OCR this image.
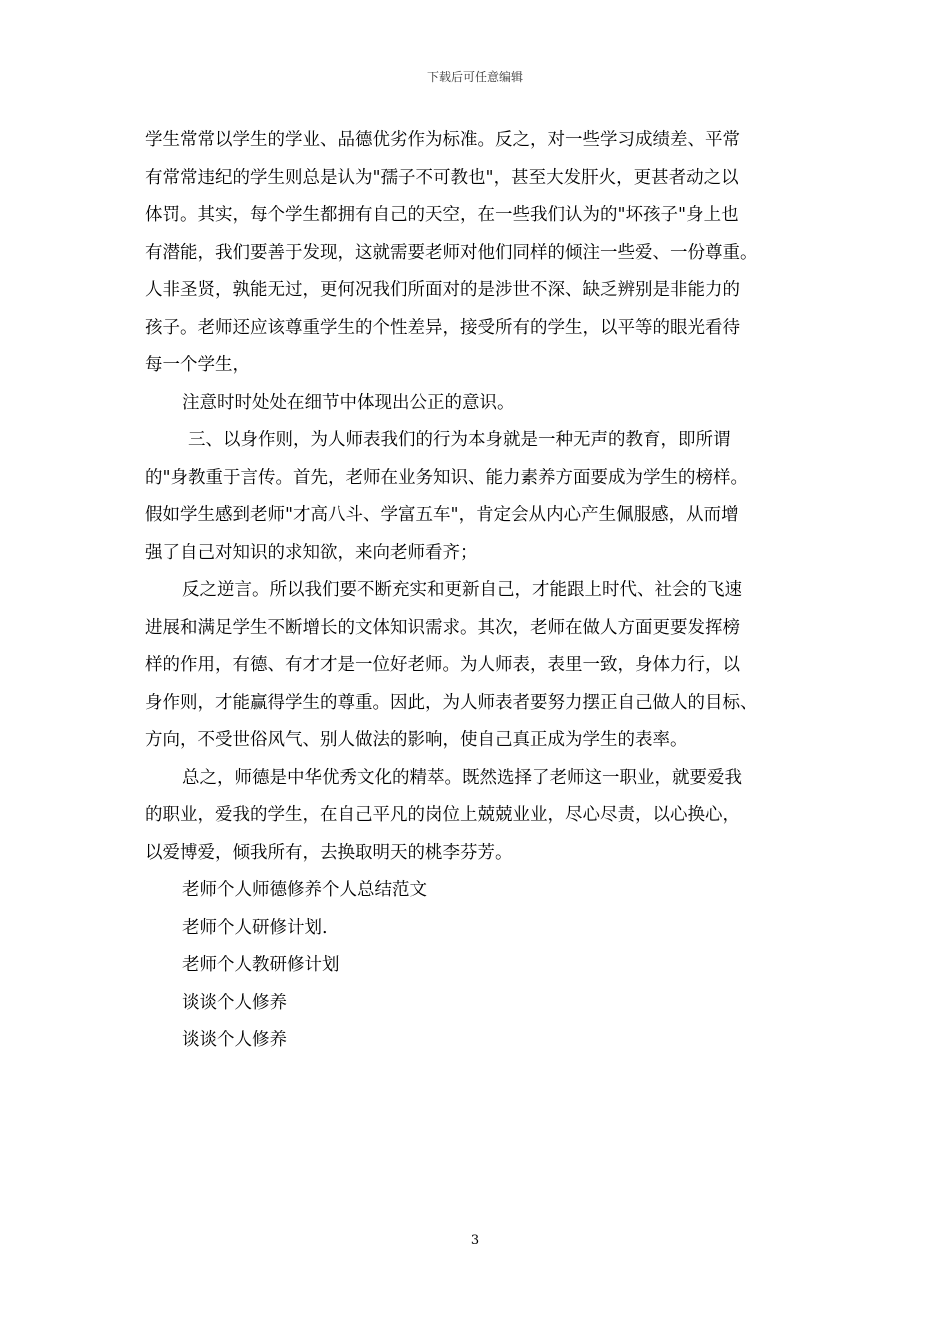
下载后可任意编辑
学生常常以学生的学业、品德优劣作为标准。反之，对一些学习成绩差、平常
有常常违纪的学生则总是认为"孺子不可教也"，甚至大发肝火，更甚者动之以
体罚。其实，每个学生都拥有自己的天空，在一些我们认为的"坏孩子"身上也
有潜能，我们要善于发现，这就需要老师对他们同样的倾注一些爱、一份尊重。
人非圣贤，孰能无过，更何况我们所面对的是涉世不深、缺乏辨别是非能力的
孩子。老师还应该尊重学生的个性差异，接受所有的学生，以平等的眼光看待
每一个学生，
注意时时处处在细节中体现出公正的意识。
三、以身作则，为人师表我们的行为本身就是一种无声的教育，即所谓
的"身教重于言传。首先，老师在业务知识、能力素养方面要成为学生的榜样。
假如学生感到老师"才高八斗、学富五车"，肯定会从内心产生佩服感，从而增
强了自己对知识的求知欲，来向老师看齐；
反之逆言。所以我们要不断充实和更新自己，才能跟上时代、社会的飞速
进展和满足学生不断增长的文体知识需求。其次，老师在做人方面更要发挥榜
样的作用，有德、有才才是一位好老师。为人师表，表里一致，身体力行，以
身作则，才能赢得学生的尊重。因此，为人师表者要努力摆正自己做人的目标、
方向，不受世俗风气、别人做法的影响，使自己真正成为学生的表率。
总之，师德是中华优秀文化的精萃。既然选择了老师这一职业，就要爱我
的职业，爱我的学生，在自己平凡的岗位上兢兢业业，尽心尽责，以心换心，
以爱博爱，倾我所有，去换取明天的桃李芬芳。
老师个人师德修养个人总结范文
老师个人研修计划.
老师个人教研修计划
谈谈个人修养
谈谈个人修养
3
